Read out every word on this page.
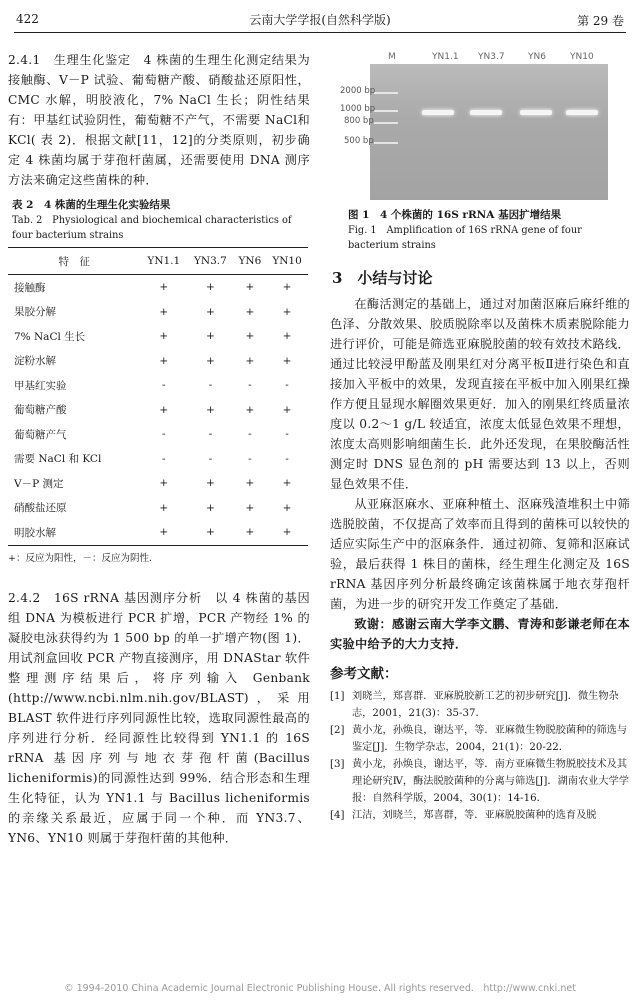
422	云南大学学报(自然科学版)	第 29 卷

2.4.1　生理生化鉴定　4 株菌的生理生化测定结果为接触酶、V－P 试验、葡萄糖产酸、硝酸盐还原阳性，CMC 水解，明胶液化，7% NaCl 生长；阴性结果有：甲基红试验阴性，葡萄糖不产气，不需要 NaCl和 KCl( 表 2)．根据文献[11，12]的分类原则，初步确定 4 株菌均属于芽孢杆菌属，还需要使用 DNA 测序方法来确定这些菌株的种．

表 2　4 株菌的生理生化实验结果
Tab. 2　Physiological and biochemical characteristics of four bacterium strains
特　征	YN1.1	YN3.7	YN6	YN10
接触酶	+	+	+	+
果胶分解	+	+	+	+
7% NaCl 生长	+	+	+	+
淀粉水解	+	+	+	+
甲基红实验	-	-	-	-
葡萄糖产酸	+	+	+	+
葡萄糖产气	-	-	-	-
需要 NaCl 和 KCl	-	-	-	-
V－P 测定	+	+	+	+
硝酸盐还原	+	+	+	+
明胶水解	+	+	+	+
+：反应为阳性，－：反应为阴性．

2.4.2　16S rRNA 基因测序分析　以 4 株菌的基因组 DNA 为模板进行 PCR 扩增，PCR 产物经 1% 的凝胶电泳获得约为 1 500 bp 的单一扩增产物(图 1)．用试剂盒回收 PCR 产物直接测序，用 DNAStar 软件整理测序结果后，将序列输入 Genbank (http://www.ncbi.nlm.nih.gov/BLAST)，采用 BLAST 软件进行序列同源性比较，选取同源性最高的序列进行分析．经同源性比较得到 YN1.1 的 16S rRNA 基因序列与地衣芽孢杆菌(Bacillus licheniformis)的同源性达到 99%．结合形态和生理生化特征，认为 YN1.1 与 Bacillus licheniformis 的亲缘关系最近，应属于同一个种．而 YN3.7、YN6、YN10 则属于芽孢杆菌的其他种．

M	YN1.1 YN3.7	YN6	YN10
2000 bp
1000 bp
800 bp
500 bp
图 1　4 个株菌的 16S rRNA 基因扩增结果
Fig. 1　Amplification of 16S rRNA gene of four bacterium strains
3　小结与讨论

在酶活测定的基础上，通过对加菌沤麻后麻纤维的色泽、分散效果、胶质脱除率以及菌株木质素脱除能力进行评价，可能是筛选亚麻脱胶菌的较有效技术路线．通过比较浸甲酚蓝及刚果红对分离平板Ⅱ进行染色和直接加入平板中的效果，发现直接在平板中加入刚果红操作方便且显现水解圈效果更好．加入的刚果红终质量浓度以 0.2～1 g/L 较适宜，浓度太低显色效果不理想，浓度太高则影响细菌生长．此外还发现，在果胶酶活性测定时 DNS 显色剂的 pH 需要达到 13 以上，否则显色效果不佳．

从亚麻沤麻水、亚麻种植土、沤麻残渣堆积土中筛选脱胶菌，不仅提高了效率而且得到的菌株可以较快的适应实际生产中的沤麻条件．通过初筛、复筛和沤麻试验，最后获得 1 株目的菌株，经生理生化测定及 16S rRNA 基因序列分析最终确定该菌株属于地衣芽孢杆菌，为进一步的研究开发工作奠定了基础．

致谢：感谢云南大学李文鹏、青涛和彭谦老师在本实验中给予的大力支持．

参考文献：
[1] 刘晓兰，郑喜群．亚麻脱胶新工艺的初步研究[J]．微生物杂志，2001，21(3)：35-37．
[2] 黄小龙，孙焕良，谢达平，等．亚麻微生物脱胶菌种的筛选与鉴定[J]．生物学杂志，2004，21(1)：20-22．
[3] 黄小龙，孙焕良，谢达平，等．南方亚麻微生物脱胶技术及其理论研究Ⅳ，酶法脱胶菌种的分离与筛选[J]．湖南农业大学学报：自然科学版，2004，30(1)：14-16．
[4] 江洁，刘晓兰，郑喜群，等．亚麻脱胶菌种的选育及脱
© 1994-2010 China Academic Journal Electronic Publishing House. All rights reserved.　http://www.cnki.net
